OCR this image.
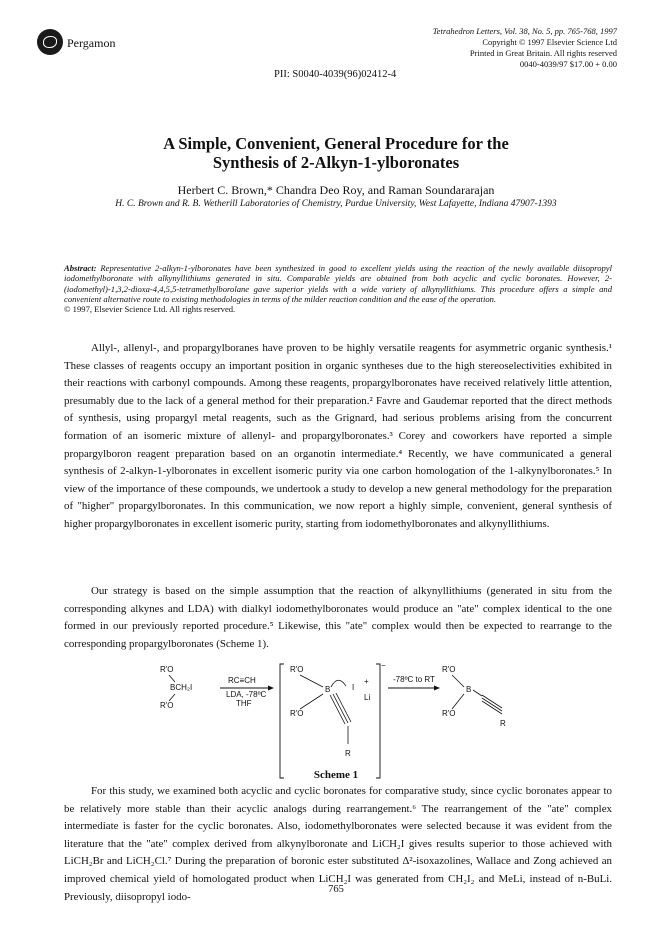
Pergamon
Tetrahedron Letters, Vol. 38, No. 5, pp. 765-768, 1997
Copyright © 1997 Elsevier Science Ltd
Printed in Great Britain. All rights reserved
0040-4039/97 $17.00 + 0.00
PII: S0040-4039(96)02412-4
A Simple, Convenient, General Procedure for the
Synthesis of 2-Alkyn-1-ylboronates
Herbert C. Brown,* Chandra Deo Roy, and Raman Soundararajan
H. C. Brown and R. B. Wetherill Laboratories of Chemistry, Purdue University, West Lafayette, Indiana 47907-1393
Abstract: Representative 2-alkyn-1-ylboronates have been synthesized in good to excellent yields using the reaction of the newly available diisopropyl iodomethylboronate with alkynyllithiums generated in situ. Comparable yields are obtained from both acyclic and cyclic boronates. However, 2-(iodomethyl)-1,3,2-dioxa-4,4,5,5-tetramethylborolane gave superior yields with a wide variety of alkynyllithiums. This procedure offers a simple and convenient alternative route to existing methodologies in terms of the milder reaction condition and the ease of the operation.
© 1997, Elsevier Science Ltd. All rights reserved.
Allyl-, allenyl-, and propargylboranes have proven to be highly versatile reagents for asymmetric organic synthesis.¹ These classes of reagents occupy an important position in organic syntheses due to the high stereoselectivities exhibited in their reactions with carbonyl compounds. Among these reagents, propargylboronates have received relatively little attention, presumably due to the lack of a general method for their preparation.² Favre and Gaudemar reported that the direct methods of synthesis, using propargyl metal reagents, such as the Grignard, had serious problems arising from the concurrent formation of an isomeric mixture of allenyl- and propargylboronates.³ Corey and coworkers have reported a simple propargylboron reagent preparation based on an organotin intermediate.⁴ Recently, we have communicated a general synthesis of 2-alkyn-1-ylboronates in excellent isomeric purity via one carbon homologation of the 1-alkynylboronates.⁵ In view of the importance of these compounds, we undertook a study to develop a new general methodology for the preparation of "higher" propargylboronates. In this communication, we now report a highly simple, convenient, general synthesis of higher propargylboronates in excellent isomeric purity, starting from iodomethylboronates and alkynyllithiums.
Our strategy is based on the simple assumption that the reaction of alkynyllithiums (generated in situ from the corresponding alkynes and LDA) with dialkyl iodomethylboronates would produce an "ate" complex identical to the one formed in our previously reported procedure.⁵ Likewise, this "ate" complex would then be expected to rearrange to the corresponding propargylboronates (Scheme 1).
R'O
BCH₂I
R'O
RC≡CH
LDA, -78ºC
THF
−
R'O
B
R'O
I
R
+
Li
-78ºC to RT
R'O
B
R'O
R
Scheme 1
For this study, we examined both acyclic and cyclic boronates for comparative study, since cyclic boronates appear to be relatively more stable than their acyclic analogs during rearrangement.⁶ The rearrangement of the "ate" complex intermediate is faster for the cyclic boronates. Also, iodomethylboronates were selected because it was evident from the literature that the "ate" complex derived from alkynylboronate and LiCH₂I gives results superior to those achieved with LiCH₂Br and LiCH₂Cl.⁷ During the preparation of boronic ester substituted Δ²-isoxazolines, Wallace and Zong achieved an improved chemical yield of homologated product when LiCH₂I was generated from CH₂I₂ and MeLi, instead of n-BuLi. Previously, diisopropyl iodo-
765
